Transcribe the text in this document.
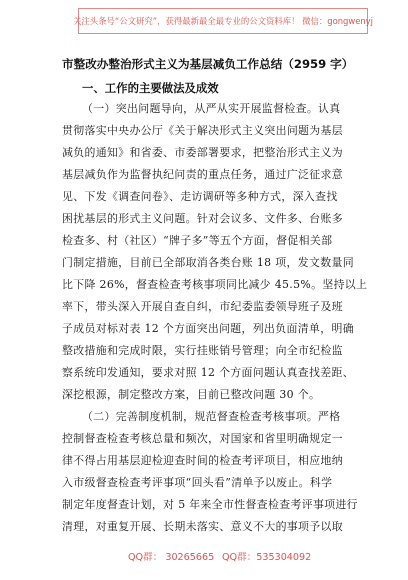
关注头条号“公文研究”，获得最新最全最专业的公文资料库！ 微信：gongwenyj
市整改办整治形式主义为基层减负工作总结（2959 字）
一、工作的主要做法及成效
（一）突出问题导向，从严从实开展监督检查。认真
贯彻落实中央办公厅《关于解决形式主义突出问题为基层
减负的通知》和省委、市委部署要求，把整治形式主义为
基层减负作为监督执纪问责的重点任务，通过广泛征求意
见、下发《调查问卷》、走访调研等多种方式，深入查找
困扰基层的形式主义问题。针对会议多、文件多、台账多
检查多、村（社区）“牌子多”等五个方面，督促相关部
门制定措施，目前已全部取消各类台账 18 项，发文数量同
比下降 26%，督查检查考核事项同比减少 45.5%。坚持以上
率下，带头深入开展自查自纠，市纪委监委领导班子及班
子成员对标对表 12 个方面突出问题，列出负面清单，明确
整改措施和完成时限，实行挂账销号管理；向全市纪检监
察系统印发通知，要求对照 12 个方面问题认真查找差距、
深挖根源，制定整改方案，目前已整改问题 30 个。
（二）完善制度机制，规范督查检查考核事项。严格
控制督查检查考核总量和频次，对国家和省里明确规定一
律不得占用基层迎检迎查时间的检查考评项目，相应地纳
入市级督查检查考评事项“回头看”清单予以废止。科学
制定年度督查计划，对 5 年来全市性督查检查考评事项进行
清理，对重复开展、长期未落实、意义不大的事项予以取
QQ群： 30265665 QQ群：535304092
